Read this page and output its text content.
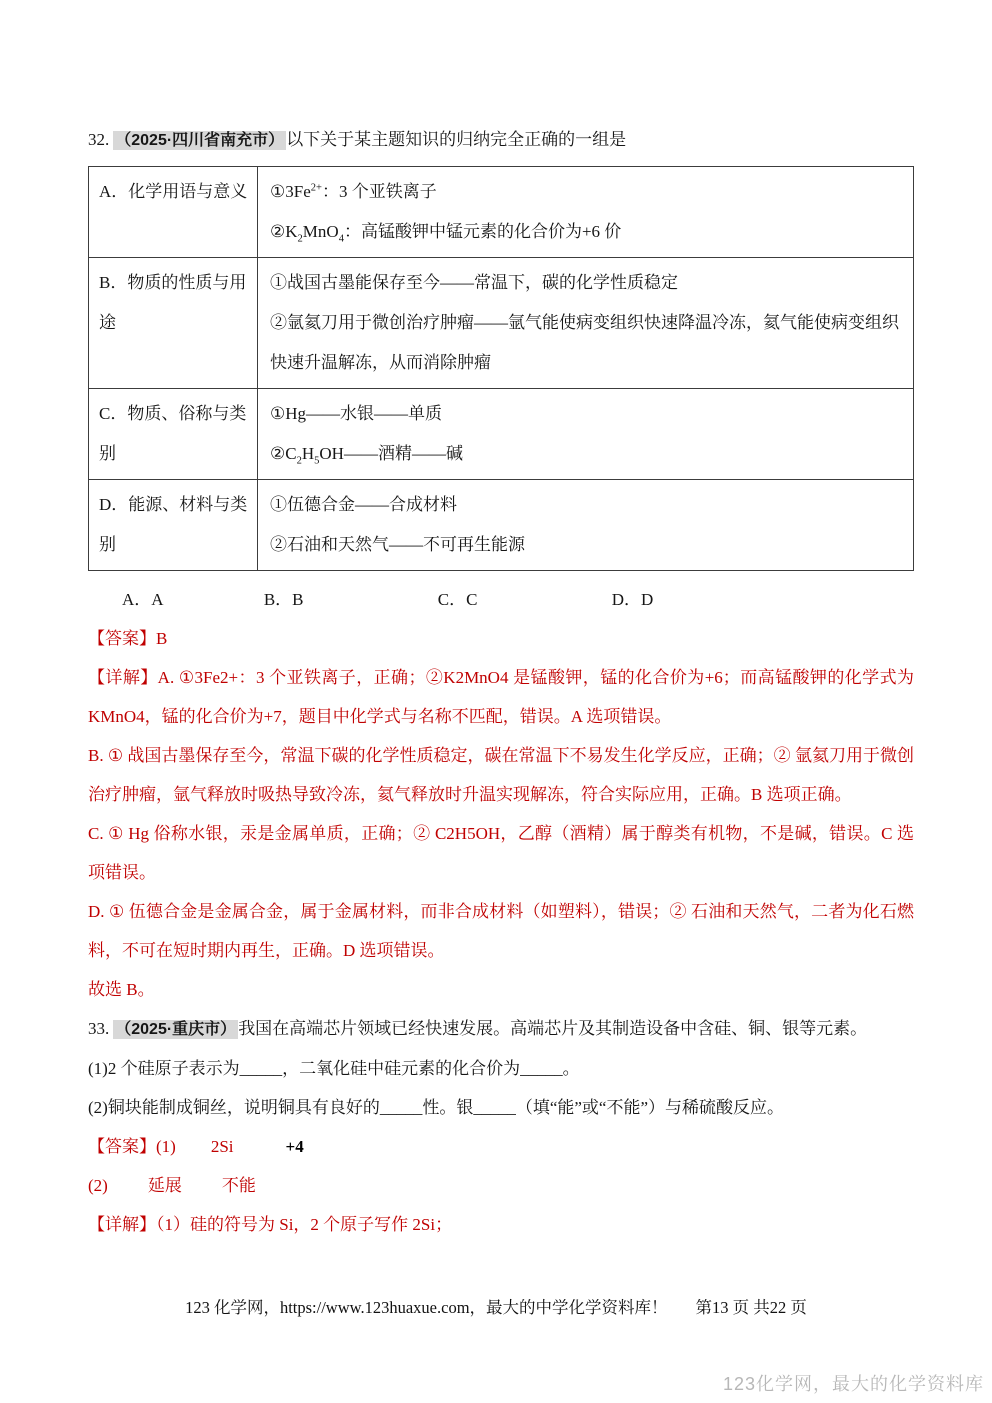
32. （2025·四川省南充市） 以下关于某主题知识的归纳完全正确的一组是
A．化学用语与意义	$①3Fe^{2+}$：3 个亚铁离子
$②K_2MnO_4$：高锰酸钾中锰元素的化合价为+6 价

B．物质的性质与用途	①战国古墨能保存至今——常温下，碳的化学性质稳定
②氩氦刀用于微创治疗肿瘤——氩气能使病变组织快速降温冷冻，氦气能使病变组织快速升温解冻，从而消除肿瘤

C．物质、俗称与类别	①Hg——水银——单质
$②C_2H_5OH——$酒精——碱

D．能源、材料与类别	①伍德合金——合成材料
②石油和天然气——不可再生能源
A．A	B．B	C．C	D．D
【答案】B

【详解】A. ①3Fe2+：3 个亚铁离子，正确；②K2MnO4 是锰酸钾，锰的化合价为+6；而高锰酸钾的化学式为 KMnO4，锰的化合价为+7，题目中化学式与名称不匹配，错误。A 选项错误。

B. ① 战国古墨保存至今，常温下碳的化学性质稳定，碳在常温下不易发生化学反应，正确；② 氩氦刀用于微创治疗肿瘤，氩气释放时吸热导致冷冻，氦气释放时升温实现解冻，符合实际应用，正确。B 选项正确。

C. ① Hg 俗称水银，汞是金属单质，正确；② C2H5OH，乙醇（酒精）属于醇类有机物，不是碱，错误。C 选项错误。

D. ① 伍德合金是金属合金，属于金属材料，而非合成材料（如塑料），错误；② 石油和天然气，二者为化石燃料，不可在短时期内再生，正确。D 选项错误。

故选 B。

33. （2025·重庆市） 我国在高端芯片领域已经快速发展。高端芯片及其制造设备中含硅、铜、银等元素。
(1)2 个硅原子表示为_____，二氧化硅中硅元素的化合价为_____。
(2)铜块能制成铜丝，说明铜具有良好的_____性。银_____（填“能”或“不能”）与稀硫酸反应。
【答案】(1) 2Si	+4
(2) 延展 不能
【详解】（1）硅的符号为 Si，2 个原子写作 2Si；
123 化学网，https://www.123huaxue.com，最大的中学化学资料库！ 第13 页 共22 页
123化学网，最大的化学资料库
